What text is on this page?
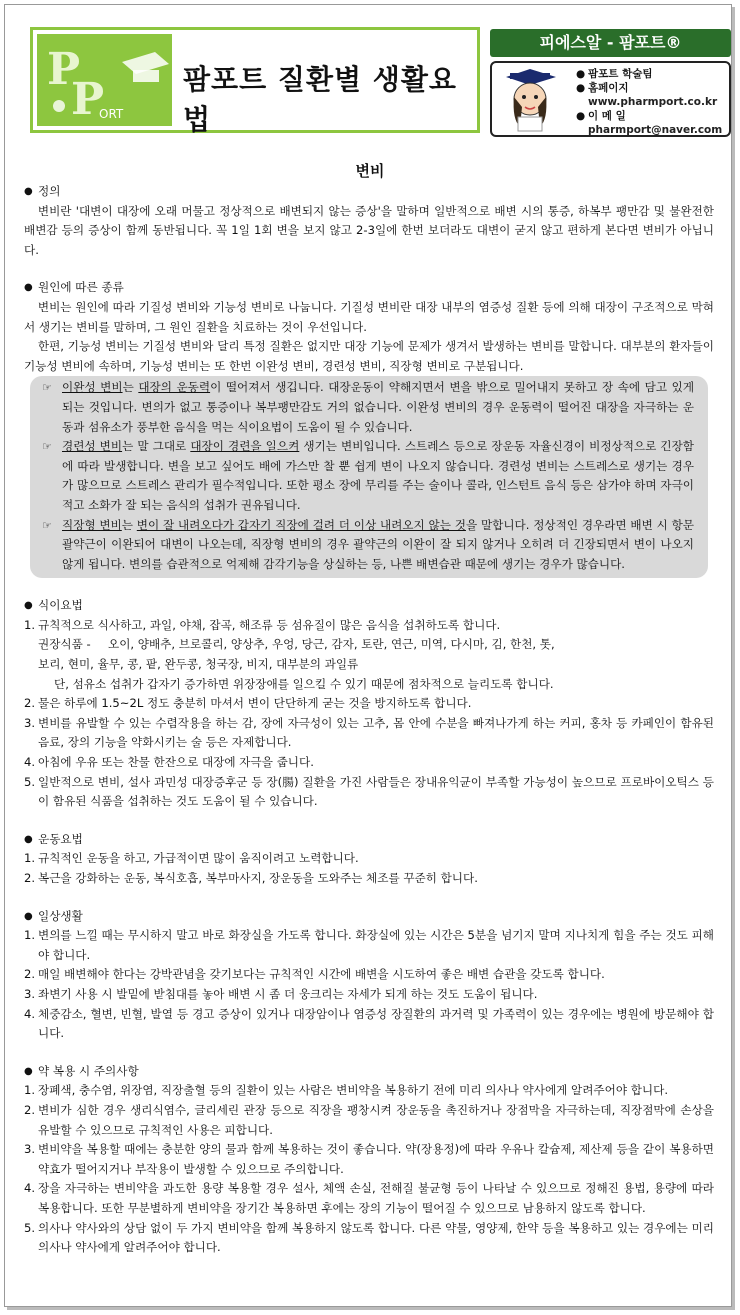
P
P
ORT
팜포트 질환별 생활요법
피에스알 - 팜포트®
● 팜포트 학술팀
● 홈페이지
www.pharmport.co.kr
● 이 메 일
pharmport@naver.com
변비
● 정의
변비란 '대변이 대장에 오래 머물고 정상적으로 배변되지 않는 증상'을 말하며 일반적으로 배변 시의 통증, 하복부 팽만감 및 불완전한 배변감 등의 증상이 함께 동반됩니다. 꼭 1일 1회 변을 보지 않고 2-3일에 한번 보더라도 대변이 굳지 않고 편하게 본다면 변비가 아닙니다.
● 원인에 따른 종류
변비는 원인에 따라 기질성 변비와 기능성 변비로 나눕니다. 기질성 변비란 대장 내부의 염증성 질환 등에 의해 대장이 구조적으로 막혀서 생기는 변비를 말하며, 그 원인 질환을 치료하는 것이 우선입니다.
한편, 기능성 변비는 기질성 변비와 달리 특정 질환은 없지만 대장 기능에 문제가 생겨서 발생하는 변비를 말합니다. 대부분의 환자들이 기능성 변비에 속하며, 기능성 변비는 또 한번 이완성 변비, 경련성 변비, 직장형 변비로 구분됩니다.
☞ 이완성 변비는 대장의 운동력이 떨어져서 생깁니다. 대장운동이 약해지면서 변을 밖으로 밀어내지 못하고 장 속에 담고 있게 되는 것입니다. 변의가 없고 통증이나 복부팽만감도 거의 없습니다. 이완성 변비의 경우 운동력이 떨어진 대장을 자극하는 운동과 섬유소가 풍부한 음식을 먹는 식이요법이 도움이 될 수 있습니다.
☞ 경련성 변비는 말 그대로 대장이 경련을 일으켜 생기는 변비입니다. 스트레스 등으로 장운동 자율신경이 비정상적으로 긴장함에 따라 발생합니다. 변을 보고 싶어도 배에 가스만 찰 뿐 쉽게 변이 나오지 않습니다. 경련성 변비는 스트레스로 생기는 경우가 많으므로 스트레스 관리가 필수적입니다. 또한 평소 장에 무리를 주는 술이나 콜라, 인스턴트 음식 등은 삼가야 하며 자극이 적고 소화가 잘 되는 음식의 섭취가 권유됩니다.
☞ 직장형 변비는 변이 잘 내려오다가 갑자기 직장에 걸려 더 이상 내려오지 않는 것을 말합니다. 정상적인 경우라면 배변 시 항문괄약근이 이완되어 대변이 나오는데, 직장형 변비의 경우 괄약근의 이완이 잘 되지 않거나 오히려 더 긴장되면서 변이 나오지 않게 됩니다. 변의를 습관적으로 억제해 감각기능을 상실하는 등, 나쁜 배변습관 때문에 생기는 경우가 많습니다.
● 식이요법
1. 규칙적으로 식사하고, 과일, 야채, 잡곡, 해조류 등 섬유질이 많은 음식을 섭취하도록 합니다.
권장식품 - 오이, 양배추, 브로콜리, 양상추, 우엉, 당근, 감자, 토란, 연근, 미역, 다시마, 김, 한천, 톳,
보리, 현미, 율무, 콩, 팥, 완두콩, 청국장, 비지, 대부분의 과일류
단, 섬유소 섭취가 갑자기 증가하면 위장장애를 일으킬 수 있기 때문에 점차적으로 늘리도록 합니다.
2. 물은 하루에 1.5~2L 정도 충분히 마셔서 변이 단단하게 굳는 것을 방지하도록 합니다.
3. 변비를 유발할 수 있는 수렴작용을 하는 감, 장에 자극성이 있는 고추, 몸 안에 수분을 빠져나가게 하는 커피, 홍차 등 카페인이 함유된 음료, 장의 기능을 약화시키는 술 등은 자제합니다.
4. 아침에 우유 또는 찬물 한잔으로 대장에 자극을 줍니다.
5. 일반적으로 변비, 설사 과민성 대장증후군 등 장(腸) 질환을 가진 사람들은 장내유익균이 부족할 가능성이 높으므로 프로바이오틱스 등이 함유된 식품을 섭취하는 것도 도움이 될 수 있습니다.
● 운동요법
1. 규칙적인 운동을 하고, 가급적이면 많이 움직이려고 노력합니다.
2. 복근을 강화하는 운동, 복식호흡, 복부마사지, 장운동을 도와주는 체조를 꾸준히 합니다.
● 일상생활
1. 변의를 느낄 때는 무시하지 말고 바로 화장실을 가도록 합니다. 화장실에 있는 시간은 5분을 넘기지 말며 지나치게 힘을 주는 것도 피해야 합니다.
2. 매일 배변해야 한다는 강박관념을 갖기보다는 규칙적인 시간에 배변을 시도하여 좋은 배변 습관을 갖도록 합니다.
3. 좌변기 사용 시 발밑에 받침대를 놓아 배변 시 좀 더 웅크리는 자세가 되게 하는 것도 도움이 됩니다.
4. 체중감소, 혈변, 빈혈, 발열 등 경고 증상이 있거나 대장암이나 염증성 장질환의 과거력 및 가족력이 있는 경우에는 병원에 방문해야 합니다.
● 약 복용 시 주의사항
1. 장폐색, 충수염, 위장염, 직장출혈 등의 질환이 있는 사람은 변비약을 복용하기 전에 미리 의사나 약사에게 알려주어야 합니다.
2. 변비가 심한 경우 생리식염수, 글리세린 관장 등으로 직장을 팽창시켜 장운동을 촉진하거나 장점막을 자극하는데, 직장점막에 손상을 유발할 수 있으므로 규칙적인 사용은 피합니다.
3. 변비약을 복용할 때에는 충분한 양의 물과 함께 복용하는 것이 좋습니다. 약(장용정)에 따라 우유나 칼슘제, 제산제 등을 같이 복용하면 약효가 떨어지거나 부작용이 발생할 수 있으므로 주의합니다.
4. 장을 자극하는 변비약을 과도한 용량 복용할 경우 설사, 체액 손실, 전해질 불균형 등이 나타날 수 있으므로 정해진 용법, 용량에 따라 복용합니다. 또한 무분별하게 변비약을 장기간 복용하면 후에는 장의 기능이 떨어질 수 있으므로 남용하지 않도록 합니다.
5. 의사나 약사와의 상담 없이 두 가지 변비약을 함께 복용하지 않도록 합니다. 다른 약물, 영양제, 한약 등을 복용하고 있는 경우에는 미리 의사나 약사에게 알려주어야 합니다.
